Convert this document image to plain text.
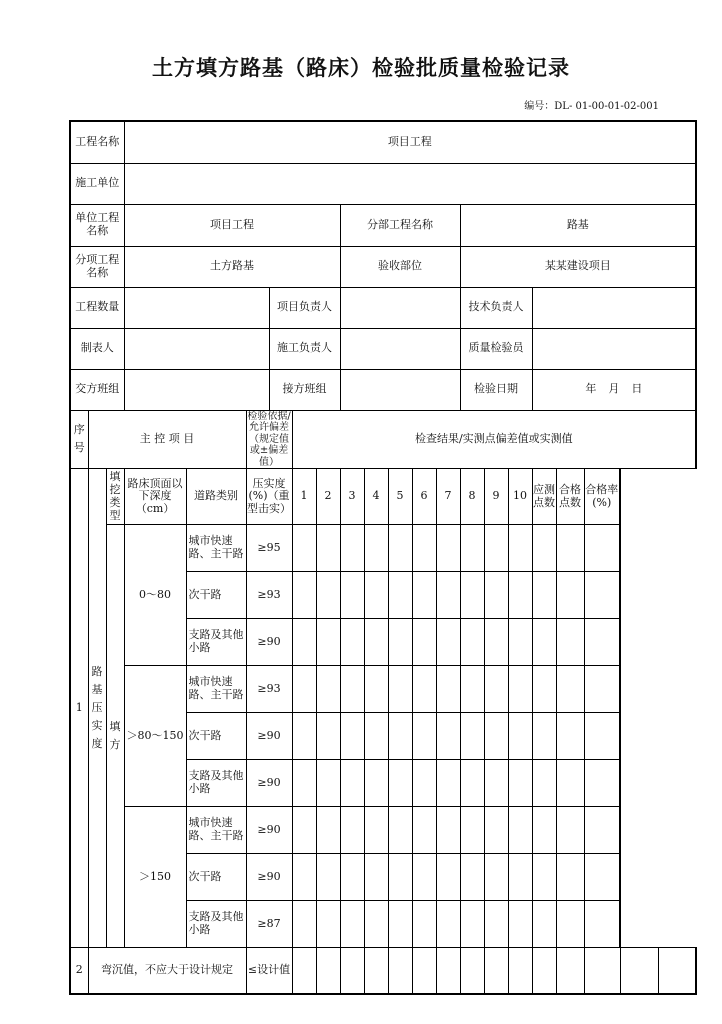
土方填方路基（路床）检验批质量检验记录
编号：DL- 01-00-01-02-001
工程名称			项目工程																		
施工单位																					
单位工程名称			项目工程						分部工程名称					路基							
分项工程名称			土方路基						验收部位					某某建设项目							
工程数量						项目负责人								技术负责人							
制表人						施工负责人								质量检验员							
交方班组						接方班组								检验日期			年 月 日				
序号	主 控 项 目				检验依据/允许偏差（规定值或±偏差值）		检查结果/实测点偏差值或实测值														
1	路基压实度	填挖类型	路床顶面以下深度（cm）	道路类别	压实度(%)（重型击实）		1	2	3	4	5	6	7	8	9	10	应测点数	合格点数	合格率(%)		
		填方	0～80	城市快速路、主干路	≥95																
				次干路	≥93																
				支路及其他小路	≥90																
			＞80～150	城市快速路、主干路	≥93																
				次干路	≥90																
				支路及其他小路	≥90																
			＞150	城市快速路、主干路	≥90																
				次干路	≥90																
				支路及其他小路	≥87																
2	弯沉值，不应大于设计规定				≤设计值																
